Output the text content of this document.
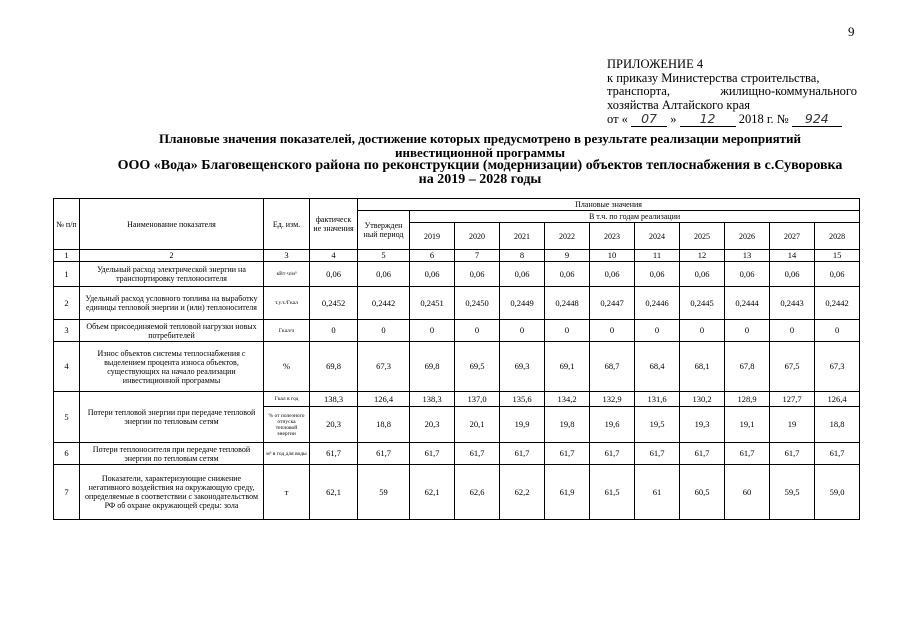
9
ПРИЛОЖЕНИЕ 4
к приказу Министерства строительства,
транспорта, жилищно-коммунального
хозяйства Алтайского края
от « 07 » 12 2018 г. № 924
Плановые значения показателей, достижение которых предусмотрено в результате реализации мероприятий
инвестиционной программы
ООО «Вода» Благовещенского района по реконструкции (модернизации) объектов теплоснабжения в с.Суворовка
на 2019 – 2028 годы
№ п/п	Наименование показателя	Ед. изм.	фактическ ие значения	Плановые значения										
				Утвержден ный период	В т.ч. по годам реализации									
					2019	2020	2021	2022	2023	2024	2025	2026	2027	2028
1	2	3	4	5	6	7	8	9	10	11	12	13	14	15
1	Удельный расход электрической энергии на транспортировку теплоносителя	кВт·ч/м³	0,06	0,06	0,06	0,06	0,06	0,06	0,06	0,06	0,06	0,06	0,06	0,06
2	Удельный расход условного топлива на выработку единицы тепловой энергии и (или) теплоносителя	т.у.т./Гкал	0,2452	0,2442	0,2451	0,2450	0,2449	0,2448	0,2447	0,2446	0,2445	0,2444	0,2443	0,2442
3	Объем присоединяемой тепловой нагрузки новых потребителей	Гкал/ч	0	0	0	0	0	0	0	0	0	0	0	0
4	Износ объектов системы теплоснабжения с выделением процента износа объектов, существующих на начало реализации инвестиционной программы	%	69,8	67,3	69,8	69,5	69,3	69,1	68,7	68,4	68,1	67,8	67,5	67,3
5	Потери тепловой энергии при передаче тепловой энергии по тепловым сетям	Гкал в год	138,3	126,4	138,3	137,0	135,6	134,2	132,9	131,6	130,2	128,9	127,7	126,4
		% от полезного отпуска тепловой энергии	20,3	18,8	20,3	20,1	19,9	19,8	19,6	19,5	19,3	19,1	19	18,8
6	Потери теплоносителя при передаче тепловой энергии по тепловым сетям	м³ в год для воды	61,7	61,7	61,7	61,7	61,7	61,7	61,7	61,7	61,7	61,7	61,7	61,7
7	Показатели, характеризующие снижение негативного воздействия на окружающую среду, определяемые в соответствии с законодательством РФ об охране окружающей среды: зола	т	62,1	59	62,1	62,6	62,2	61,9	61,5	61	60,5	60	59,5	59,0
